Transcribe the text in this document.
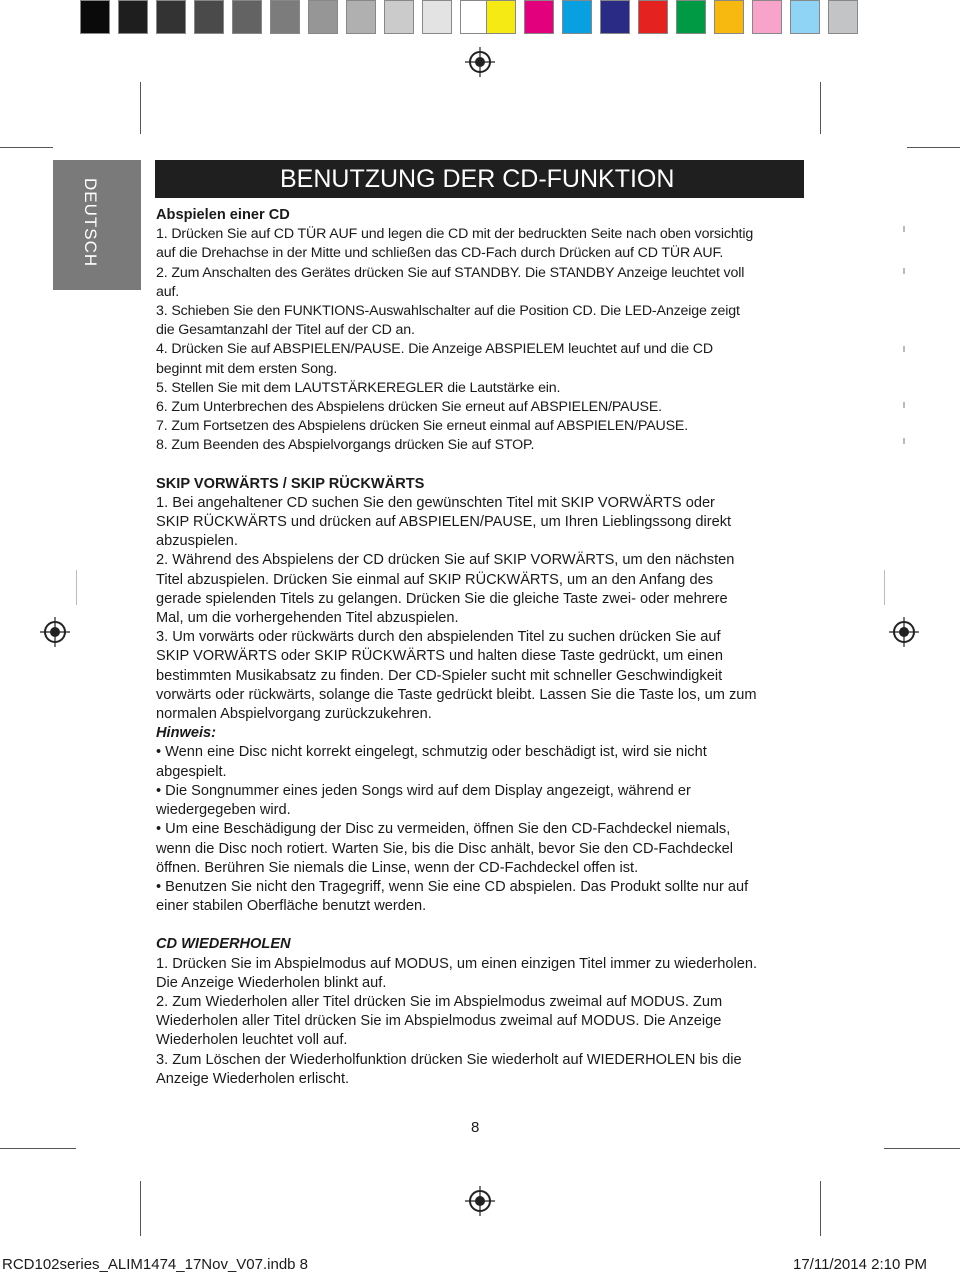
DEUTSCH	BENUTZUNG DER CD-FUNKTION

Abspielen einer CD

1. Drücken Sie auf CD TÜR AUF und legen die CD mit der bedruckten Seite nach oben vorsichtig

auf die Drehachse in der Mitte und schließen das CD-Fach durch Drücken auf CD TÜR AUF.

2. Zum Anschalten des Gerätes drücken Sie auf STANDBY. Die STANDBY Anzeige leuchtet voll

auf.

3. Schieben Sie den FUNKTIONS-Auswahlschalter auf die Position CD. Die LED-Anzeige zeigt

die Gesamtanzahl der Titel auf der CD an.

4. Drücken Sie auf ABSPIELEN/PAUSE. Die Anzeige ABSPIELEM leuchtet auf und die CD

beginnt mit dem ersten Song.

5. Stellen Sie mit dem LAUTSTÄRKEREGLER die Lautstärke ein.

6. Zum Unterbrechen des Abspielens drücken Sie erneut auf ABSPIELEN/PAUSE.

7. Zum Fortsetzen des Abspielens drücken Sie erneut einmal auf ABSPIELEN/PAUSE.

8. Zum Beenden des Abspielvorgangs drücken Sie auf STOP.

SKIP VORWÄRTS / SKIP RÜCKWÄRTS

1. Bei angehaltener CD suchen Sie den gewünschten Titel mit SKIP VORWÄRTS oder

SKIP RÜCKWÄRTS und drücken auf ABSPIELEN/PAUSE, um Ihren Lieblingssong direkt

abzuspielen.

2. Während des Abspielens der CD drücken Sie auf SKIP VORWÄRTS, um den nächsten

Titel abzuspielen. Drücken Sie einmal auf SKIP RÜCKWÄRTS, um an den Anfang des

gerade spielenden Titels zu gelangen. Drücken Sie die gleiche Taste zwei- oder mehrere

Mal, um die vorhergehenden Titel abzuspielen.

3. Um vorwärts oder rückwärts durch den abspielenden Titel zu suchen drücken Sie auf

SKIP VORWÄRTS oder SKIP RÜCKWÄRTS und halten diese Taste gedrückt, um einen

bestimmten Musikabsatz zu finden. Der CD-Spieler sucht mit schneller Geschwindigkeit

vorwärts oder rückwärts, solange die Taste gedrückt bleibt. Lassen Sie die Taste los, um zum

normalen Abspielvorgang zurückzukehren.

Hinweis:

• Wenn eine Disc nicht korrekt eingelegt, schmutzig oder beschädigt ist, wird sie nicht

abgespielt.

• Die Songnummer eines jeden Songs wird auf dem Display angezeigt, während er

wiedergegeben wird.

• Um eine Beschädigung der Disc zu vermeiden, öffnen Sie den CD-Fachdeckel niemals,

wenn die Disc noch rotiert. Warten Sie, bis die Disc anhält, bevor Sie den CD-Fachdeckel

öffnen. Berühren Sie niemals die Linse, wenn der CD-Fachdeckel offen ist.

• Benutzen Sie nicht den Tragegriff, wenn Sie eine CD abspielen. Das Produkt sollte nur auf

einer stabilen Oberfläche benutzt werden.

CD WIEDERHOLEN

1. Drücken Sie im Abspielmodus auf MODUS, um einen einzigen Titel immer zu wiederholen.

Die Anzeige Wiederholen blinkt auf.

2. Zum Wiederholen aller Titel drücken Sie im Abspielmodus zweimal auf MODUS. Zum

Wiederholen aller Titel drücken Sie im Abspielmodus zweimal auf MODUS. Die Anzeige

Wiederholen leuchtet voll auf.

3. Zum Löschen der Wiederholfunktion drücken Sie wiederholt auf WIEDERHOLEN bis die

Anzeige Wiederholen erlischt.

8
RCD102series_ALIM1474_17Nov_V07.indb 8	17/11/2014 2:10 PM
